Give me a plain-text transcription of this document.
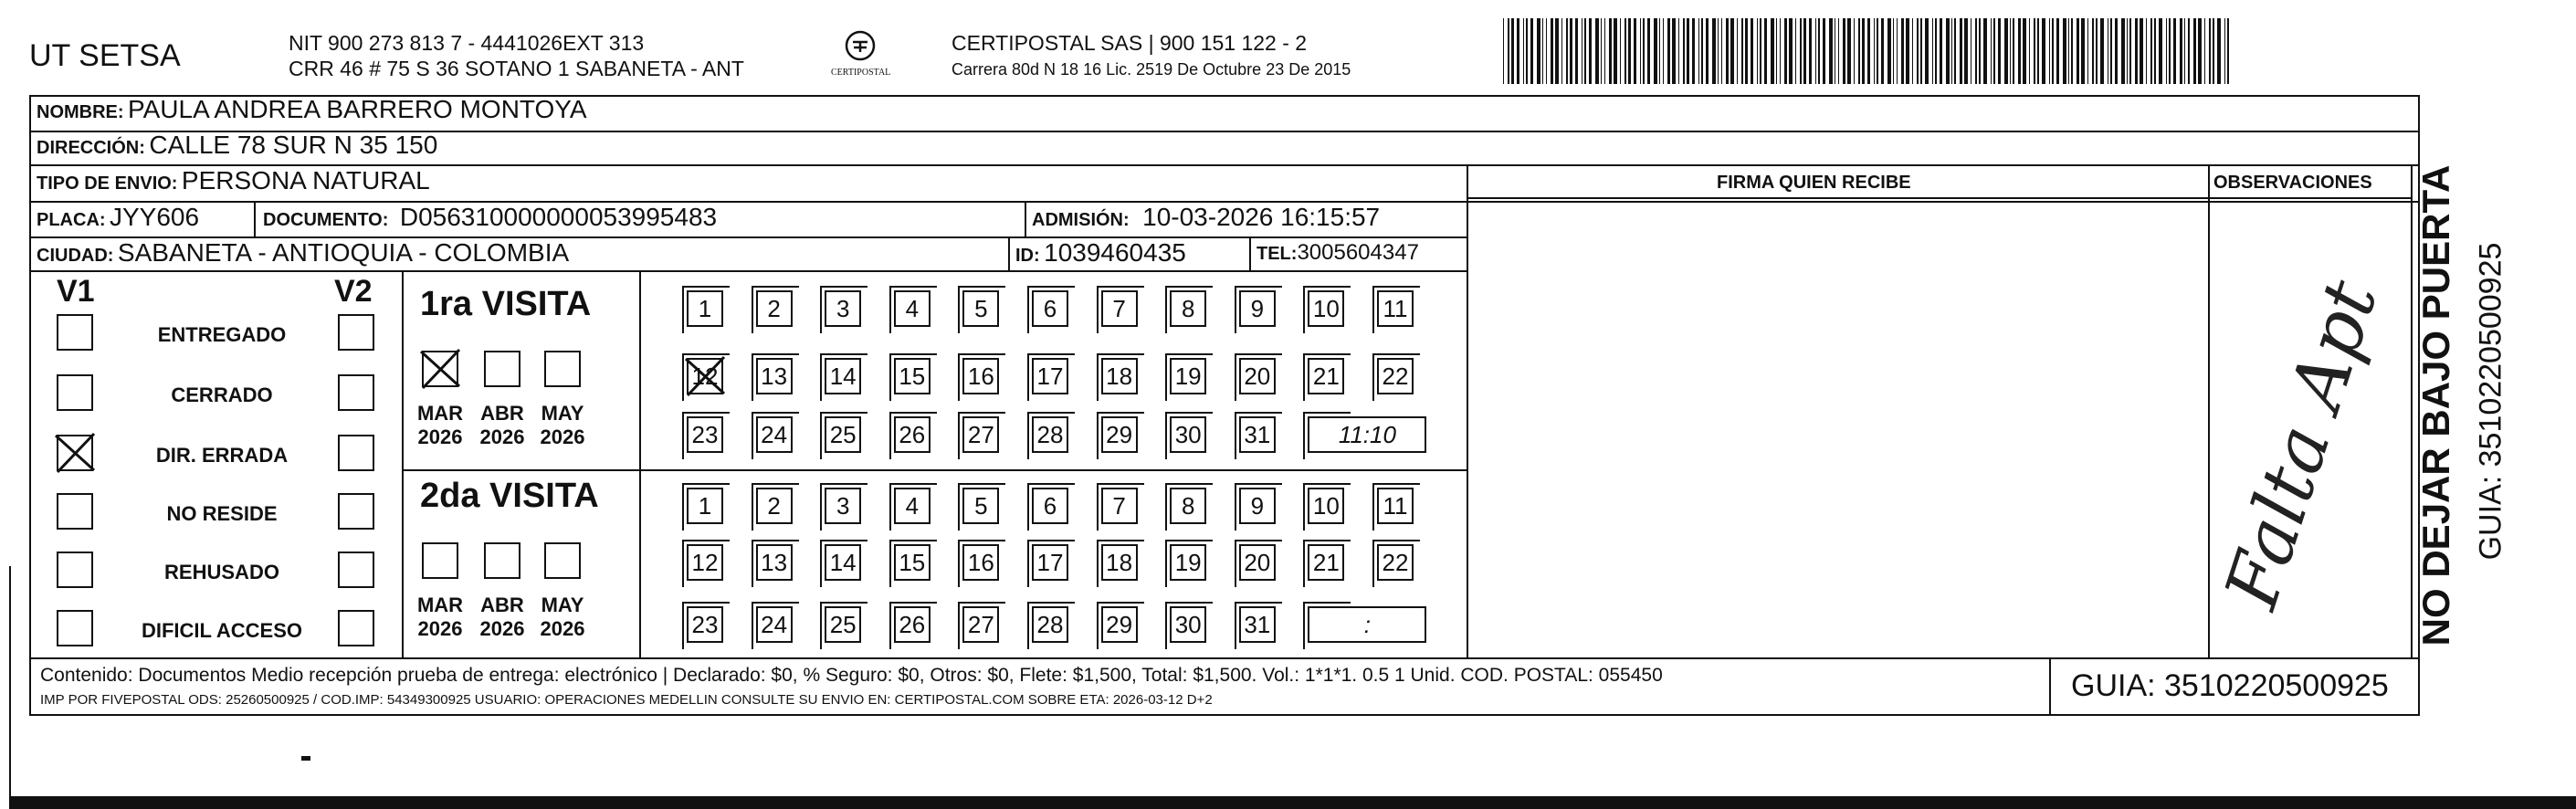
UT SETSA	NIT 900 273 813 7 - 4441026EXT 313
CRR 46 # 75 S 36 SOTANO 1 SABANETA - ANT	CERTIPOSTAL
CERTIPOSTAL SAS | 900 151 122 - 2
Carrera 80d N 18 16 Lic. 2519 De Octubre 23 De 2015
NOMBRE: PAULA ANDREA BARRERO MONTOYA
DIRECCIÓN: CALLE 78 SUR N 35 150
TIPO DE ENVIO: PERSONA NATURAL	FIRMA QUIEN RECIBE	OBSERVACIONES
PLACA: JYY606	DOCUMENTO: D056310000000053995483	ADMISIÓN: 10-03-2026 16:15:57
CIUDAD: SABANETA - ANTIOQUIA - COLOMBIA	ID: 1039460435	TEL:3005604347
V1	V2
ENTREGADO
CERRADO
DIR. ERRADA
NO RESIDE
REHUSADO
DIFICIL ACCESO
1ra VISITA
MAR
2026
ABR
2026
MAY
2026
1	2	3	4	5	6	7	8	9	10 11
12 13 14 15 16 17 18 19 20 21 22
23 24 25 26 27 28 29 30 31	11:10
2da VISITA
MAR
2026
ABR
2026
MAY
2026
1	2	3	4	5	6	7	8	9	10 11
12 13 14 15 16 17 18 19 20 21 22
23 24 25 26 27 28 29 30 31	:
Falta Apt
Contenido: Documentos Medio recepción prueba de entrega: electrónico | Declarado: $0, % Seguro: $0, Otros: $0, Flete: $1,500, Total: $1,500. Vol.: 1*1*1. 0.5 1 Unid. COD. POSTAL: 055450
IMP POR FIVEPOSTAL ODS: 25260500925 / COD.IMP: 54349300925 USUARIO: OPERACIONES MEDELLIN CONSULTE SU ENVIO EN: CERTIPOSTAL.COM SOBRE ETA: 2026-03-12 D+2	GUIA: 3510220500925
NO DEJAR BAJO PUERTA GUIA: 3510220500925
